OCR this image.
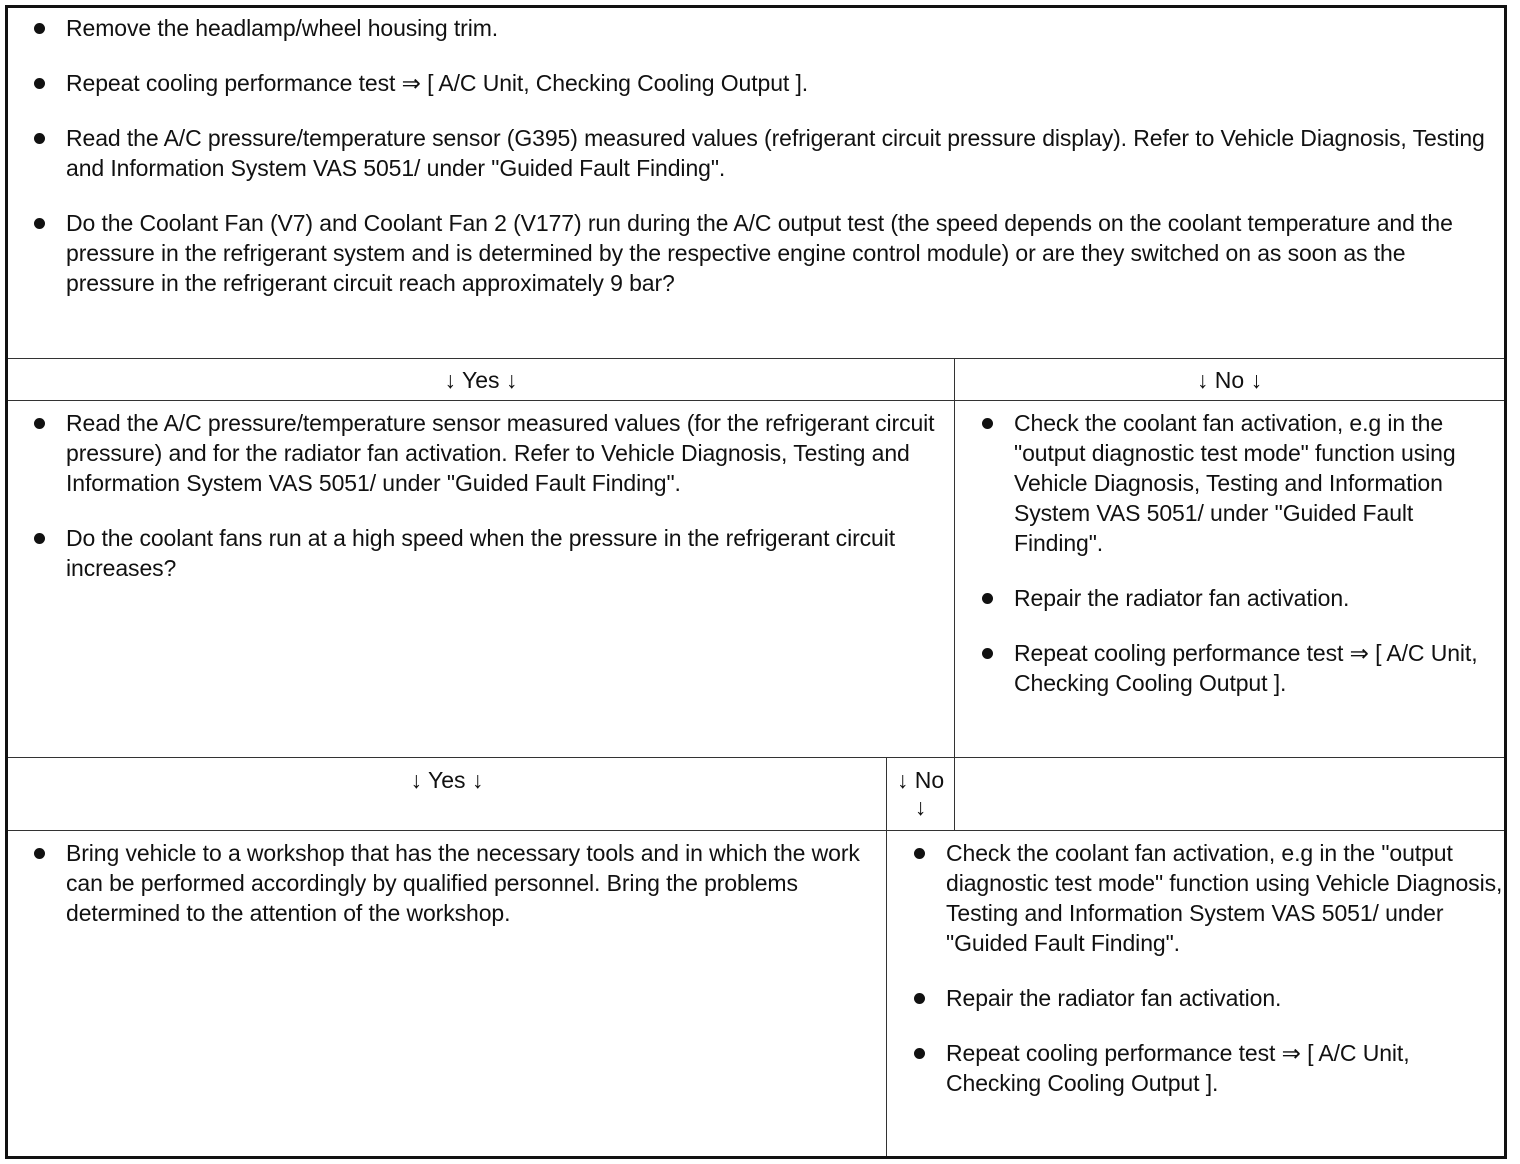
Remove the headlamp/wheel housing trim.
Repeat cooling performance test ⇒ [ A/C Unit, Checking Cooling Output ].
Read the A/C pressure/temperature sensor (G395) measured values (refrigerant circuit pressure display). Refer to Vehicle Diagnosis, Testing and Information System VAS 5051/ under "Guided Fault Finding".
Do the Coolant Fan (V7) and Coolant Fan 2 (V177) run during the A/C output test (the speed depends on the coolant temperature and the pressure in the refrigerant system and is determined by the respective engine control module) or are they switched on as soon as the pressure in the refrigerant circuit reach approximately 9 bar?
↓ Yes ↓	↓ No ↓
Read the A/C pressure/temperature sensor measured values (for the refrigerant circuit pressure) and for the radiator fan activation. Refer to Vehicle Diagnosis, Testing and Information System VAS 5051/ under "Guided Fault Finding".
Do the coolant fans run at a high speed when the pressure in the refrigerant circuit increases?
Check the coolant fan activation, e.g in the "output diagnostic test mode" function using Vehicle Diagnosis, Testing and Information System VAS 5051/ under "Guided Fault Finding".
Repair the radiator fan activation.
Repeat cooling performance test ⇒ [ A/C Unit, Checking Cooling Output ].
↓ Yes ↓	↓ No
↓
Bring vehicle to a workshop that has the necessary tools and in which the work can be performed accordingly by qualified personnel. Bring the problems determined to the attention of the workshop.
Check the coolant fan activation, e.g in the "output diagnostic test mode" function using Vehicle Diagnosis, Testing and Information System VAS 5051/ under "Guided Fault Finding".
Repair the radiator fan activation.
Repeat cooling performance test ⇒ [ A/C Unit, Checking Cooling Output ].
